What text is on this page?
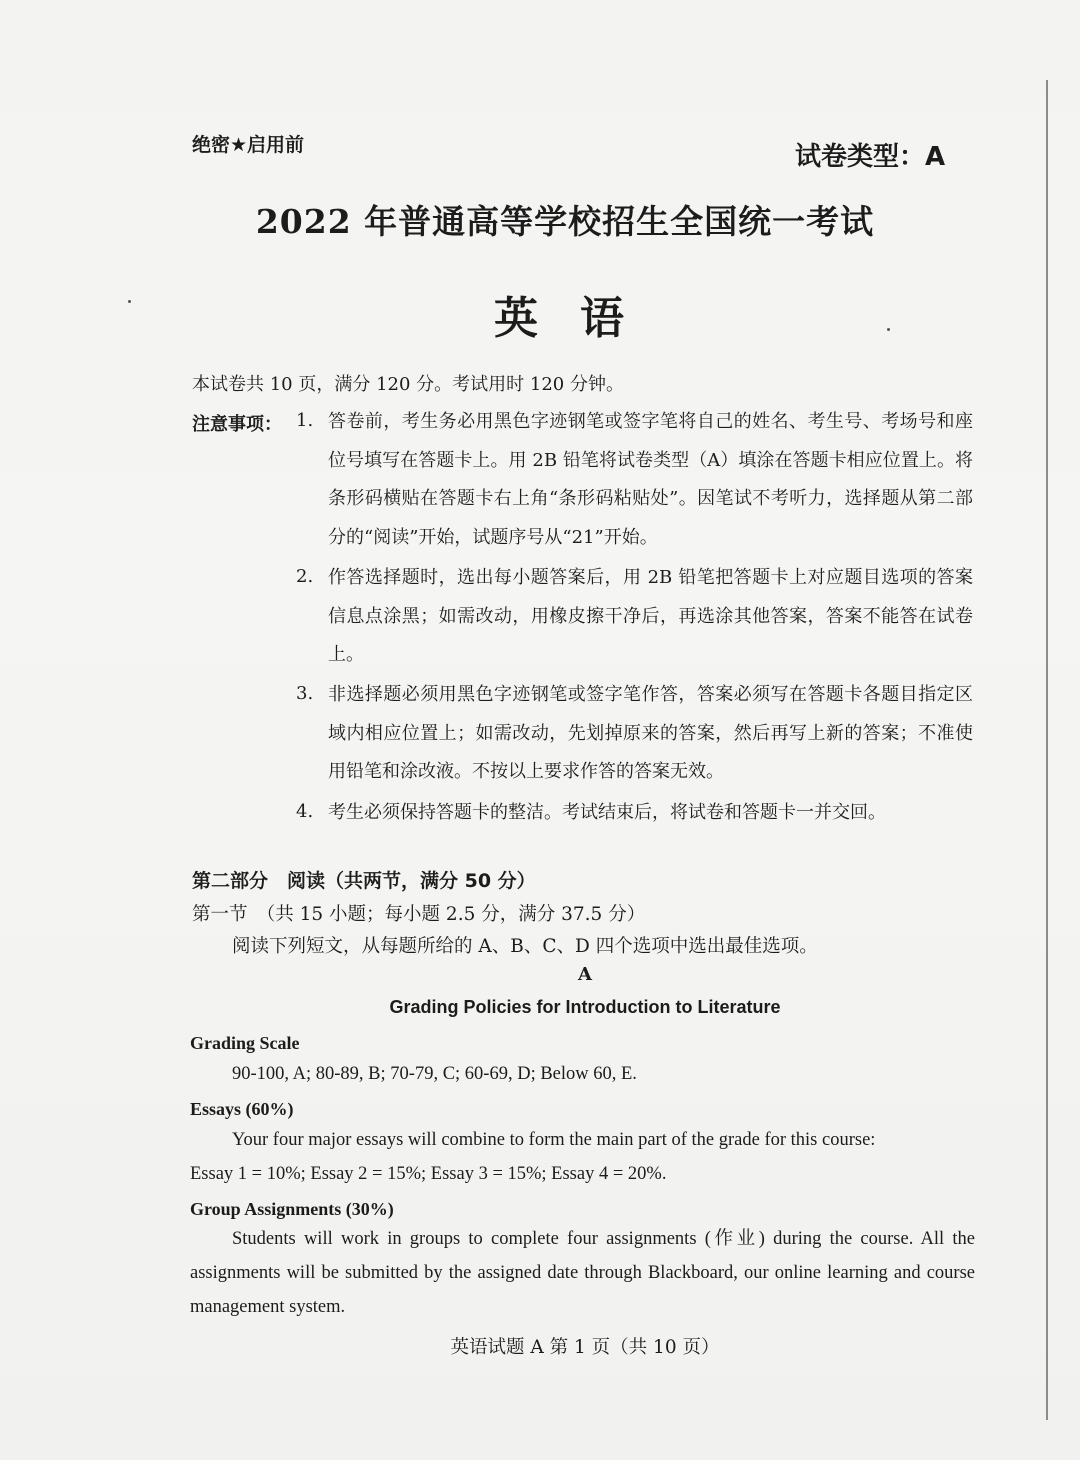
绝密★启用前	试卷类型：A
2022 年普通高等学校招生全国统一考试
英语
本试卷共 10 页，满分 120 分。考试用时 120 分钟。
注意事项： 1. 答卷前，考生务必用黑色字迹钢笔或签字笔将自己的姓名、考生号、考场号和座位号填写在答题卡上。用 2B 铅笔将试卷类型（A）填涂在答题卡相应位置上。将条形码横贴在答题卡右上角“条形码粘贴处”。因笔试不考听力，选择题从第二部分的“阅读”开始，试题序号从“21”开始。
2. 作答选择题时，选出每小题答案后，用 2B 铅笔把答题卡上对应题目选项的答案信息点涂黑；如需改动，用橡皮擦干净后，再选涂其他答案，答案不能答在试卷上。
3. 非选择题必须用黑色字迹钢笔或签字笔作答，答案必须写在答题卡各题目指定区域内相应位置上；如需改动，先划掉原来的答案，然后再写上新的答案；不准使用铅笔和涂改液。不按以上要求作答的答案无效。
4. 考生必须保持答题卡的整洁。考试结束后，将试卷和答题卡一并交回。
第二部分　阅读（共两节，满分 50 分）
第一节　（共 15 小题；每小题 2.5 分，满分 37.5 分）
阅读下列短文，从每题所给的 A、B、C、D 四个选项中选出最佳选项。
A
Grading Policies for Introduction to Literature
Grading Scale
90-100, A; 80-89, B; 70-79, C; 60-69, D; Below 60, E.
Essays (60%)
Your four major essays will combine to form the main part of the grade for this course:
Essay 1 = 10%; Essay 2 = 15%; Essay 3 = 15%; Essay 4 = 20%.
Group Assignments (30%)
Students will work in groups to complete four assignments (作业) during the course. All the assignments will be submitted by the assigned date through Blackboard, our online learning and course management system.
英语试题 A 第 1 页（共 10 页）
